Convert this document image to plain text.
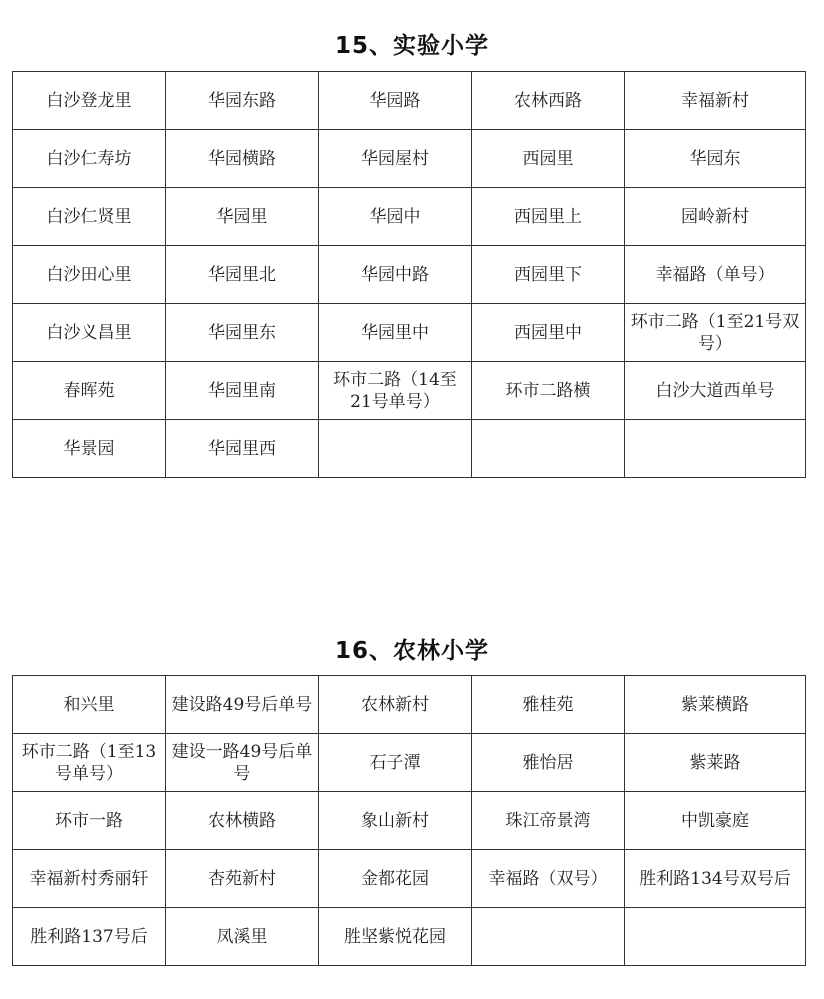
15、实验小学
白沙登龙里	华园东路	华园路	农林西路	幸福新村
白沙仁寿坊	华园横路	华园屋村	西园里	华园东
白沙仁贤里	华园里	华园中	西园里上	园岭新村
白沙田心里	华园里北	华园中路	西园里下	幸福路（单号）
白沙义昌里	华园里东	华园里中	西园里中	环市二路（1至21号双号）
春晖苑	华园里南	环市二路（14至21号单号）	环市二路横	白沙大道西单号
华景园	华园里西			
16、农林小学
和兴里	建设路49号后单号	农林新村	雅桂苑	紫莱横路
环市二路（1至13号单号）	建设一路49号后单号	石子潭	雅怡居	紫莱路
环市一路	农林横路	象山新村	珠江帝景湾	中凯豪庭
幸福新村秀丽轩	杏苑新村	金都花园	幸福路（双号）	胜利路134号双号后
胜利路137号后	凤溪里	胜坚紫悦花园		
